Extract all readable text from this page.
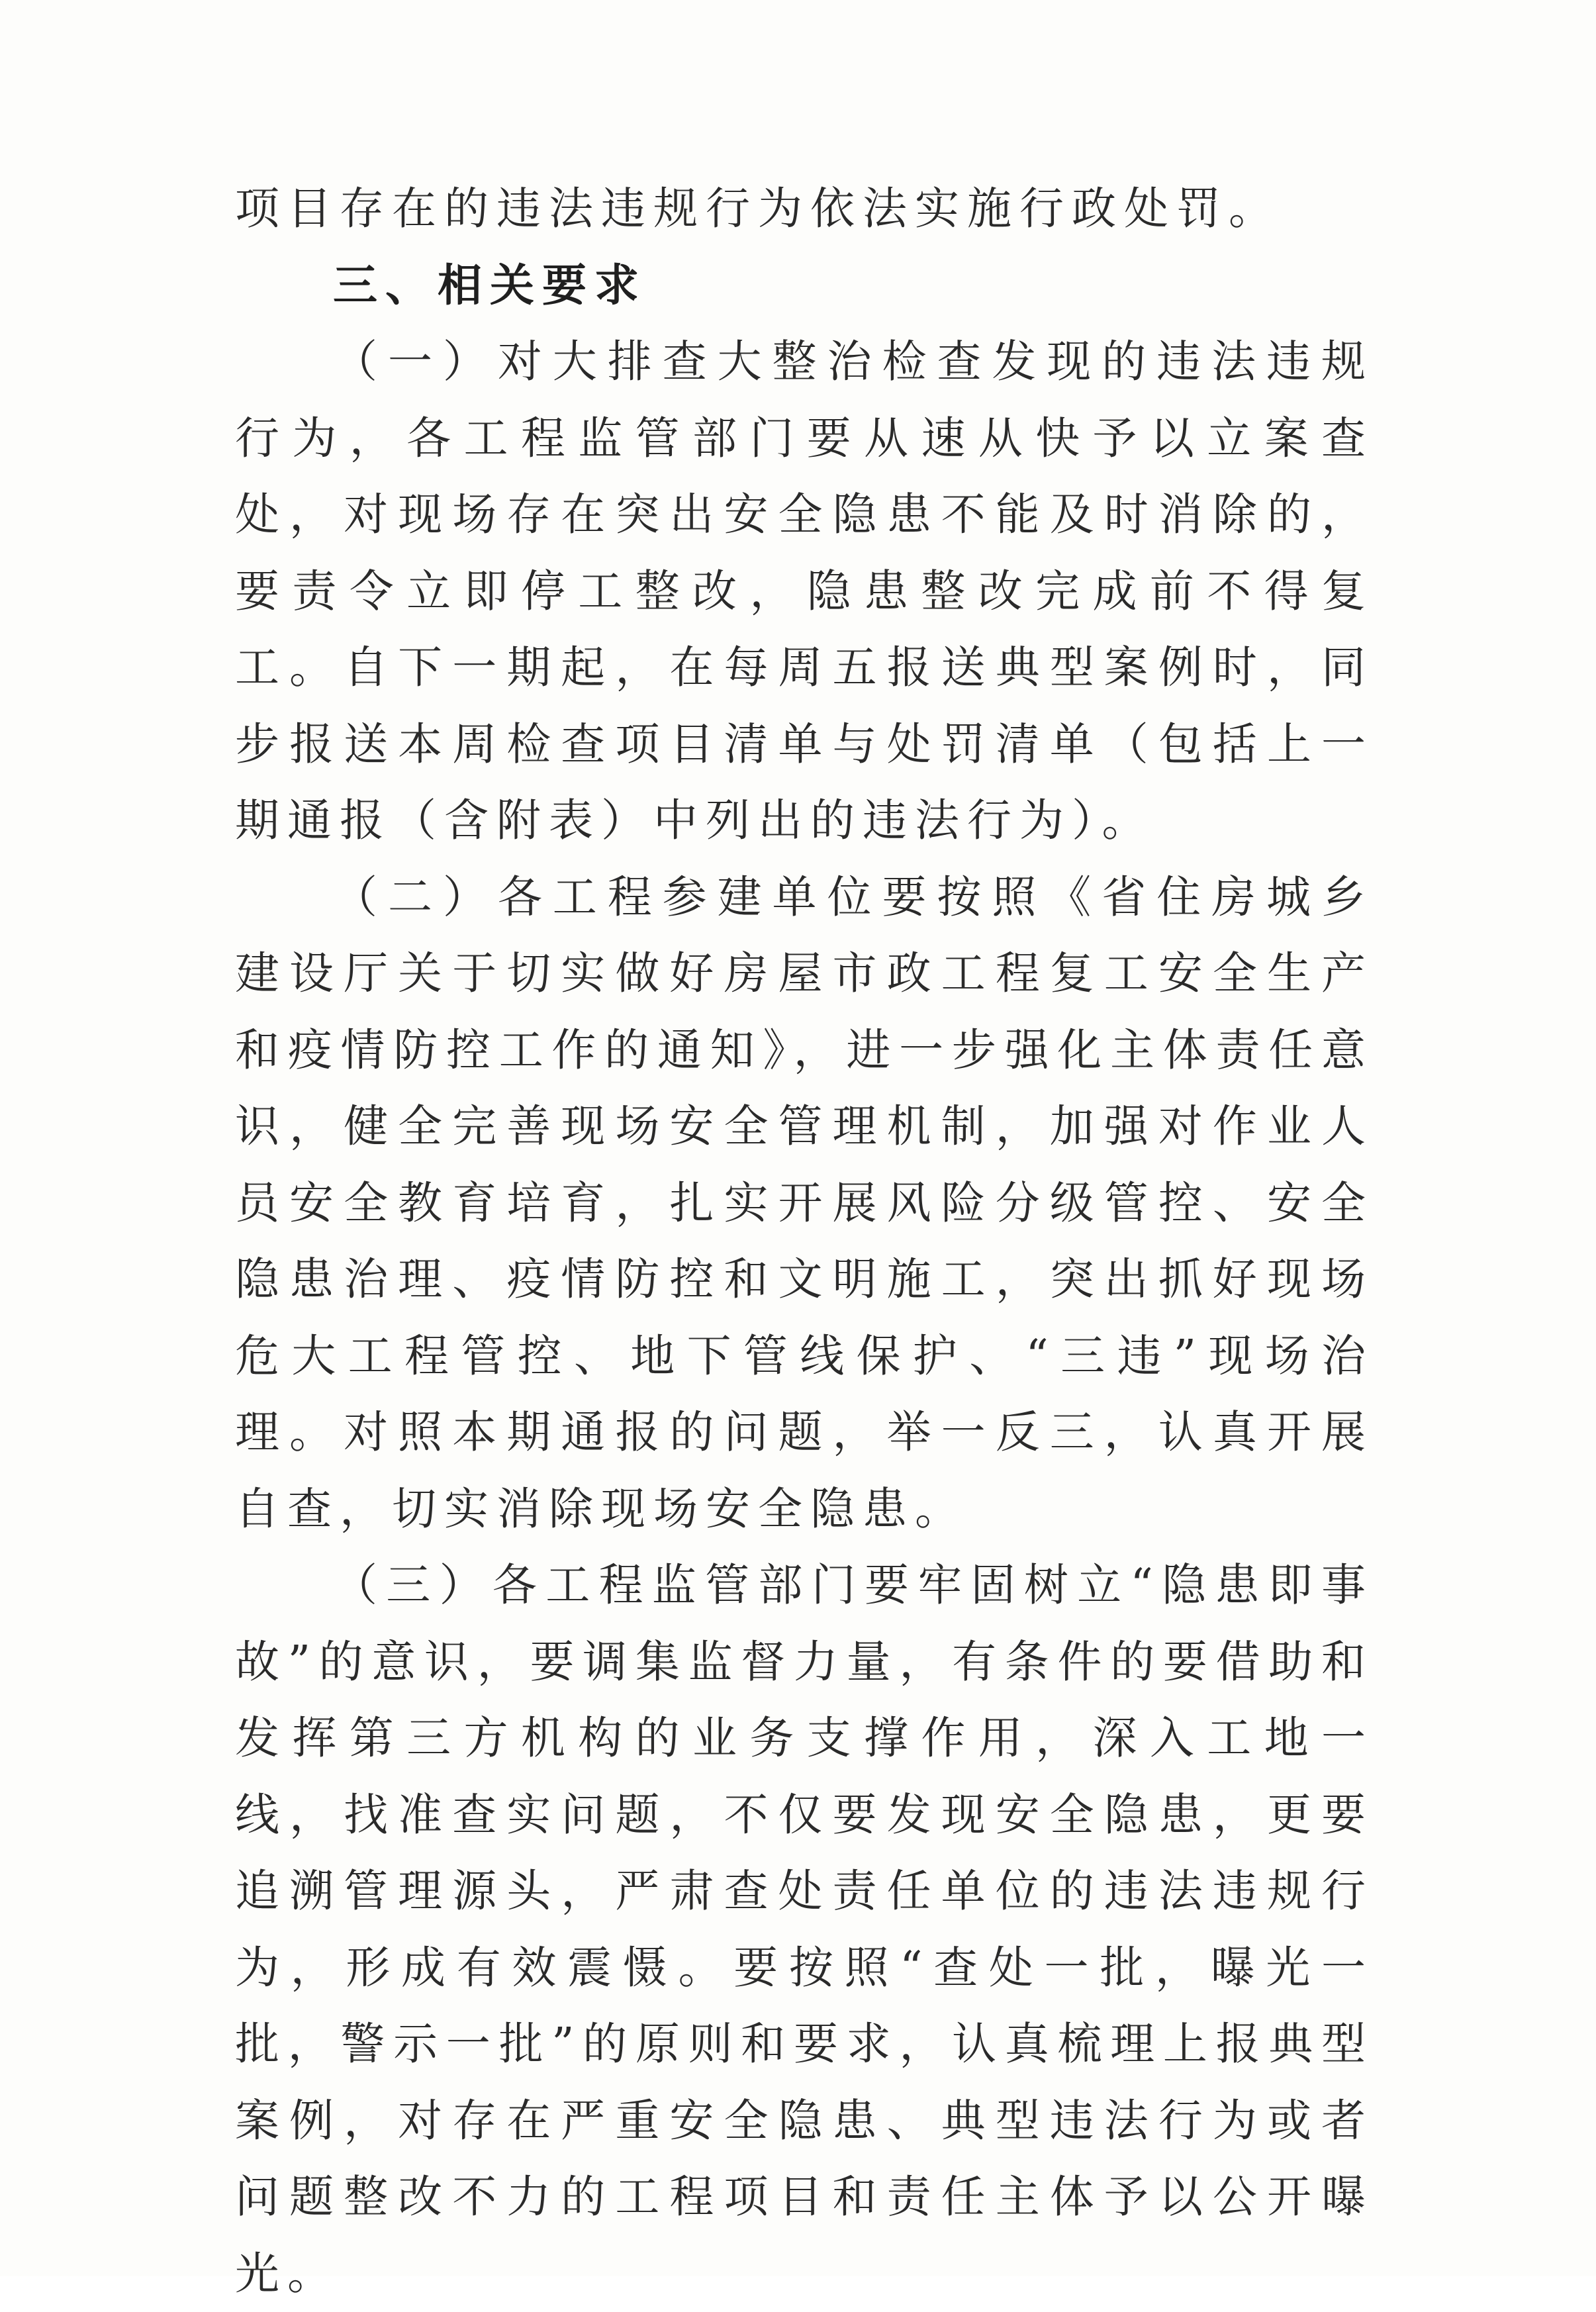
项目存在的违法违规行为依法实施行政处罚。

三、相关要求

（一）对大排查大整治检查发现的违法违规行为，各工程监管部门要从速从快予以立案查处，对现场存在突出安全隐患不能及时消除的，要责令立即停工整改，隐患整改完成前不得复工。自下一期起，在每周五报送典型案例时，同步报送本周检查项目清单与处罚清单（包括上一期通报（含附表）中列出的违法行为）。

（二）各工程参建单位要按照《省住房城乡建设厅关于切实做好房屋市政工程复工安全生产和疫情防控工作的通知》，进一步强化主体责任意识，健全完善现场安全管理机制，加强对作业人员安全教育培育，扎实开展风险分级管控、安全隐患治理、疫情防控和文明施工，突出抓好现场危大工程管控、地下管线保护、“三违”现场治理。对照本期通报的问题，举一反三，认真开展自查，切实消除现场安全隐患。

（三）各工程监管部门要牢固树立“隐患即事故”的意识，要调集监督力量，有条件的要借助和发挥第三方机构的业务支撑作用，深入工地一线，找准查实问题，不仅要发现安全隐患，更要追溯管理源头，严肃查处责任单位的违法违规行为，形成有效震慑。要按照“查处一批，曝光一批，警示一批”的原则和要求，认真梳理上报典型案例，对存在严重安全隐患、典型违法行为或者问题整改不力的工程项目和责任主体予以公开曝光。
